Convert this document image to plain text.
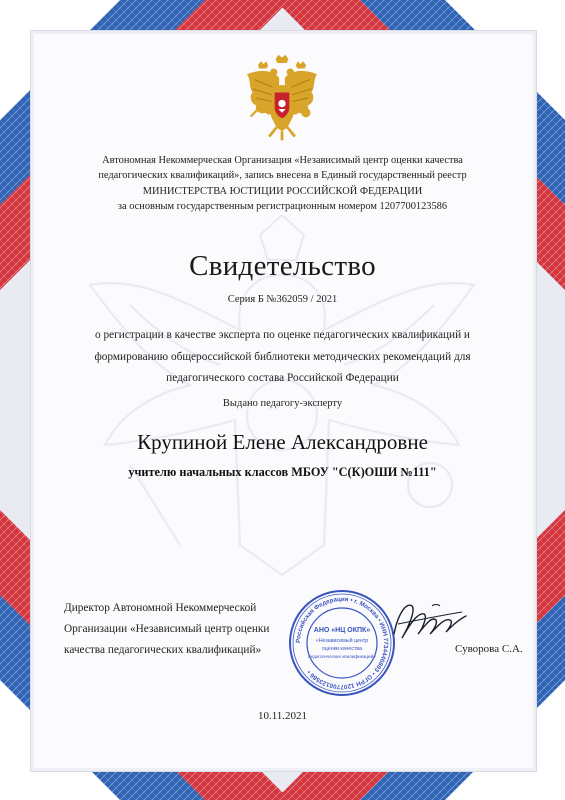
Автономная Некоммерческая Организация «Независимый центр оценки качества
педагогических квалификаций», запись внесена в Единый государственный реестр
МИНИСТЕРСТВА ЮСТИЦИИ РОССИЙСКОЙ ФЕДЕРАЦИИ
за основным государственным регистрационным номером 1207700123586
Свидетельство
Серия Б №362059 / 2021
о регистрации в качестве эксперта по оценке педагогических квалификаций и
формированию общероссийской библиотеки методических рекомендаций для
педагогического состава Российской Федерации
Выдано педагогу-эксперту
Крупиной Елене Александровне
учителю начальных классов МБОУ "С(К)ОШИ №111"
Директор Автономной Некоммерческой
Организации «Независимый центр оценки
качества педагогических квалификаций»
Российская Федерация • г. Москва • ИНН 7734446893 • ОГРН 1207700123586 •
АНО «НЦ ОКПК»
«Независимый центр
оценки качества
педагогических квалификаций»
Суворова С.А.
10.11.2021
